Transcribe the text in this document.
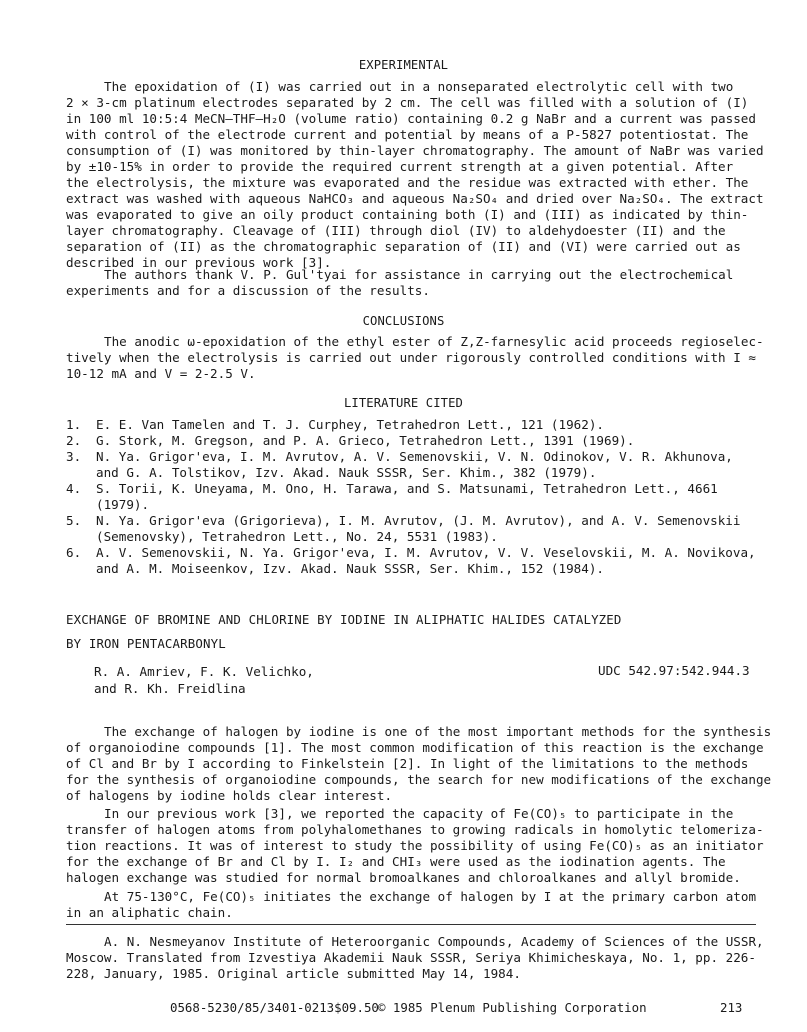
EXPERIMENTAL
The epoxidation of (I) was carried out in a nonseparated electrolytic cell with two
2 × 3-cm platinum electrodes separated by 2 cm. The cell was filled with a solution of (I)
in 100 ml 10:5:4 MeCN—THF—H₂O (volume ratio) containing 0.2 g NaBr and a current was passed
with control of the electrode current and potential by means of a P-5827 potentiostat. The
consumption of (I) was monitored by thin-layer chromatography. The amount of NaBr was varied
by ±10-15% in order to provide the required current strength at a given potential. After
the electrolysis, the mixture was evaporated and the residue was extracted with ether. The
extract was washed with aqueous NaHCO₃ and aqueous Na₂SO₄ and dried over Na₂SO₄. The extract
was evaporated to give an oily product containing both (I) and (III) as indicated by thin-
layer chromatography. Cleavage of (III) through diol (IV) to aldehydoester (II) and the
separation of (II) as the chromatographic separation of (II) and (VI) were carried out as
described in our previous work [3].
The authors thank V. P. Gul'tyai for assistance in carrying out the electrochemical
experiments and for a discussion of the results.
CONCLUSIONS
The anodic ω-epoxidation of the ethyl ester of Z,Z-farnesylic acid proceeds regioselec-
tively when the electrolysis is carried out under rigorously controlled conditions with I ≈
10-12 mA and V = 2-2.5 V.
LITERATURE CITED
1. E. E. Van Tamelen and T. J. Curphey, Tetrahedron Lett., 121 (1962).
2. G. Stork, M. Gregson, and P. A. Grieco, Tetrahedron Lett., 1391 (1969).
3. N. Ya. Grigor'eva, I. M. Avrutov, A. V. Semenovskii, V. N. Odinokov, V. R. Akhunova,
and G. A. Tolstikov, Izv. Akad. Nauk SSSR, Ser. Khim., 382 (1979).
4. S. Torii, K. Uneyama, M. Ono, H. Tarawa, and S. Matsunami, Tetrahedron Lett., 4661
(1979).
5. N. Ya. Grigor'eva (Grigorieva), I. M. Avrutov, (J. M. Avrutov), and A. V. Semenovskii
(Semenovsky), Tetrahedron Lett., No. 24, 5531 (1983).
6. A. V. Semenovskii, N. Ya. Grigor'eva, I. M. Avrutov, V. V. Veselovskii, M. A. Novikova,
and A. M. Moiseenkov, Izv. Akad. Nauk SSSR, Ser. Khim., 152 (1984).
EXCHANGE OF BROMINE AND CHLORINE BY IODINE IN ALIPHATIC HALIDES CATALYZED
BY IRON PENTACARBONYL
R. A. Amriev, F. K. Velichko,
and R. Kh. Freidlina
UDC 542.97:542.944.3
The exchange of halogen by iodine is one of the most important methods for the synthesis
of organoiodine compounds [1]. The most common modification of this reaction is the exchange
of Cl and Br by I according to Finkelstein [2]. In light of the limitations to the methods
for the synthesis of organoiodine compounds, the search for new modifications of the exchange
of halogens by iodine holds clear interest.
In our previous work [3], we reported the capacity of Fe(CO)₅ to participate in the
transfer of halogen atoms from polyhalomethanes to growing radicals in homolytic telomeriza-
tion reactions. It was of interest to study the possibility of using Fe(CO)₅ as an initiator
for the exchange of Br and Cl by I. I₂ and CHI₃ were used as the iodination agents. The
halogen exchange was studied for normal bromoalkanes and chloroalkanes and allyl bromide.
At 75-130°C, Fe(CO)₅ initiates the exchange of halogen by I at the primary carbon atom
in an aliphatic chain.
A. N. Nesmeyanov Institute of Heteroorganic Compounds, Academy of Sciences of the USSR,
Moscow. Translated from Izvestiya Akademii Nauk SSSR, Seriya Khimicheskaya, No. 1, pp. 226-
228, January, 1985. Original article submitted May 14, 1984.
0568-5230/85/3401-0213$09.50 © 1985 Plenum Publishing Corporation	213
